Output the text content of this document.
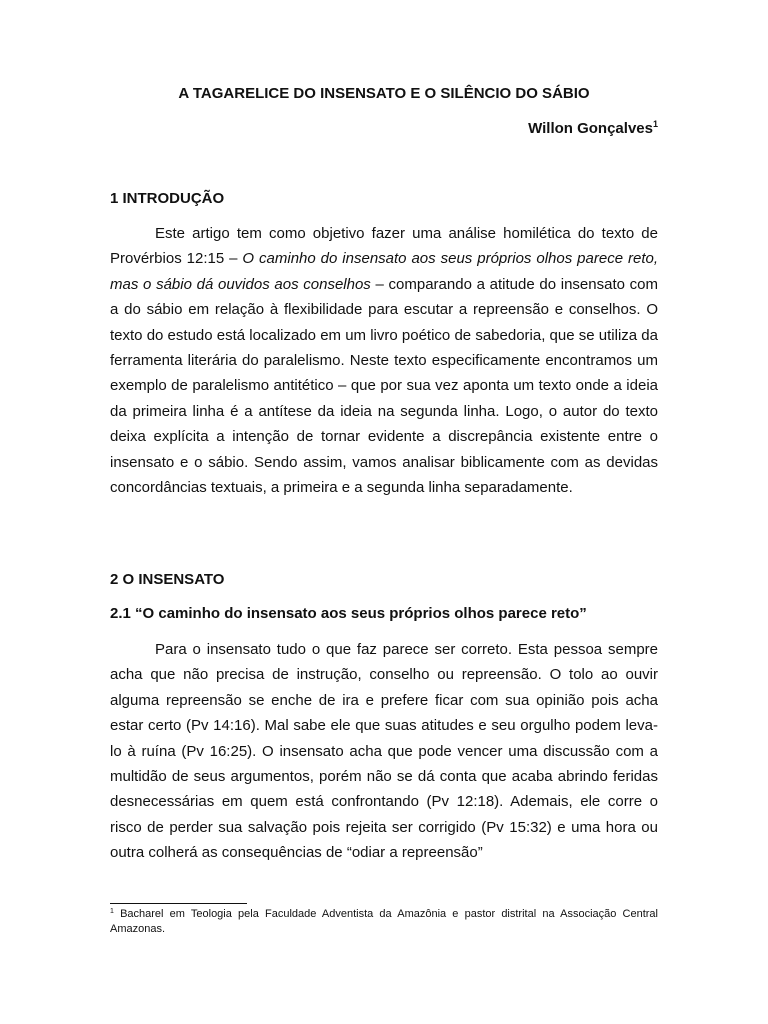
A TAGARELICE DO INSENSATO E O SILÊNCIO DO SÁBIO
Willon Gonçalves$^1$
1 INTRODUÇÃO

Este artigo tem como objetivo fazer uma análise homilética do texto de Provérbios 12:15 – O caminho do insensato aos seus próprios olhos parece reto, mas o sábio dá ouvidos aos conselhos – comparando a atitude do insensato com a do sábio em relação à flexibilidade para escutar a repreensão e conselhos. O texto do estudo está localizado em um livro poético de sabedoria, que se utiliza da ferramenta literária do paralelismo. Neste texto especificamente encontramos um exemplo de paralelismo antitético – que por sua vez aponta um texto onde a ideia da primeira linha é a antítese da ideia na segunda linha. Logo, o autor do texto deixa explícita a intenção de tornar evidente a discrepância existente entre o insensato e o sábio. Sendo assim, vamos analisar biblicamente com as devidas concordâncias textuais, a primeira e a segunda linha separadamente.

2 O INSENSATO
2.1 “O caminho do insensato aos seus próprios olhos parece reto”

Para o insensato tudo o que faz parece ser correto. Esta pessoa sempre acha que não precisa de instrução, conselho ou repreensão. O tolo ao ouvir alguma repreensão se enche de ira e prefere ficar com sua opinião pois acha estar certo (Pv 14:16). Mal sabe ele que suas atitudes e seu orgulho podem leva-lo à ruína (Pv 16:25). O insensato acha que pode vencer uma discussão com a multidão de seus argumentos, porém não se dá conta que acaba abrindo feridas desnecessárias em quem está confrontando (Pv 12:18). Ademais, ele corre o risco de perder sua salvação pois rejeita ser corrigido (Pv 15:32) e uma hora ou outra colherá as consequências de “odiar a repreensão”

$^1$ Bacharel em Teologia pela Faculdade Adventista da Amazônia e pastor distrital na Associação Central Amazonas.
